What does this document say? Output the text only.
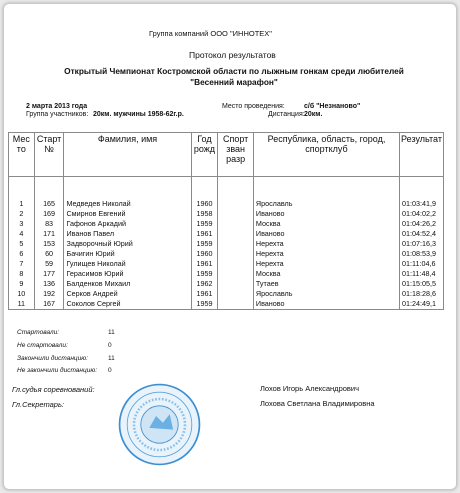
Группа компаний ООО "ИННОТЕХ"
Протокол результатов
Открытый Чемпионат Костромской области по лыжным гонкам среди любителей "Весенний марафон"
2 марта 2013 года
Группа участников: 20км. мужчины 1958-62г.р.
Место проведения:	с/б "Незнаново"
Дистанция: 20км.
Мес то	Старт №	Фамилия, имя	Год рожд	Спорт зван разр	Республика, область, город, спортклуб	Результат

1	165	Медведев Николай	1960		Ярославль	01:03:41,9
2	169	Смирнов Евгений	1958		Иваново	01:04:02,2
3	83	Гафонов Аркадий	1959		Москва	01:04:26,2
4	171	Иванов Павел	1961		Иваново	01:04:52,4
5	153	Задворочный Юрий	1959		Нерехта	01:07:16,3
6	60	Бачигин Юрий	1960		Нерехта	01:08:53,9
7	59	Гулищев Николай	1961		Нерехта	01:11:04,6
8	177	Герасимов Юрий	1959		Москва	01:11:48,4
9	136	Балденков Михаил	1962		Тутаев	01:15:05,5
10	192	Серков Андрей	1961		Ярославль	01:18:28,6
11	167	Соколов Сергей	1959		Иваново	01:24:49,1
Стартовали:	11
Не стартовали:	0
Закончили дистанцию:	11
Не закончили дистанцию: 0
Гл.судья соревнований:	Лохов Игорь Александрович
Гл.Секретарь:	Лохова Светлана Владимировна
